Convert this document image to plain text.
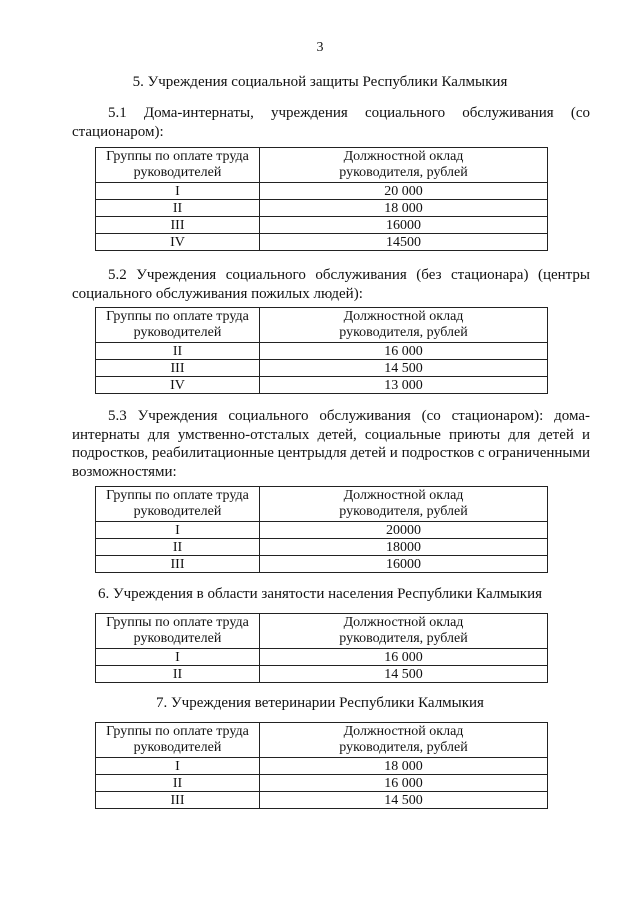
3
5. Учреждения социальной защиты Республики Калмыкия

5.1 Дома-интернаты, учреждения социального обслуживания (со стационаром):

Группы по оплате труда
руководителей	Должностной оклад
руководителя, рублей
I	20 000
II	18 000
III	16000
IV	14500

5.2 Учреждения социального обслуживания (без стационара) (центры социального обслуживания пожилых людей):

Группы по оплате труда
руководителей	Должностной оклад
руководителя, рублей
II	16 000
III	14 500
IV	13 000

5.3 Учреждения социального обслуживания (со стационаром): дома-интернаты для умственно-отсталых детей, социальные приюты для детей и подростков, реабилитационные центрыдля детей и подростков с ограниченными возможностями:

Группы по оплате труда
руководителей	Должностной оклад
руководителя, рублей
I	20000
II	18000
III	16000
6. Учреждения в области занятости населения Республики Калмыкия
Группы по оплате труда
руководителей	Должностной оклад
руководителя, рублей
I	16 000
II	14 500
7. Учреждения ветеринарии Республики Калмыкия
Группы по оплате труда
руководителей	Должностной оклад
руководителя, рублей
I	18 000
II	16 000
III	14 500
